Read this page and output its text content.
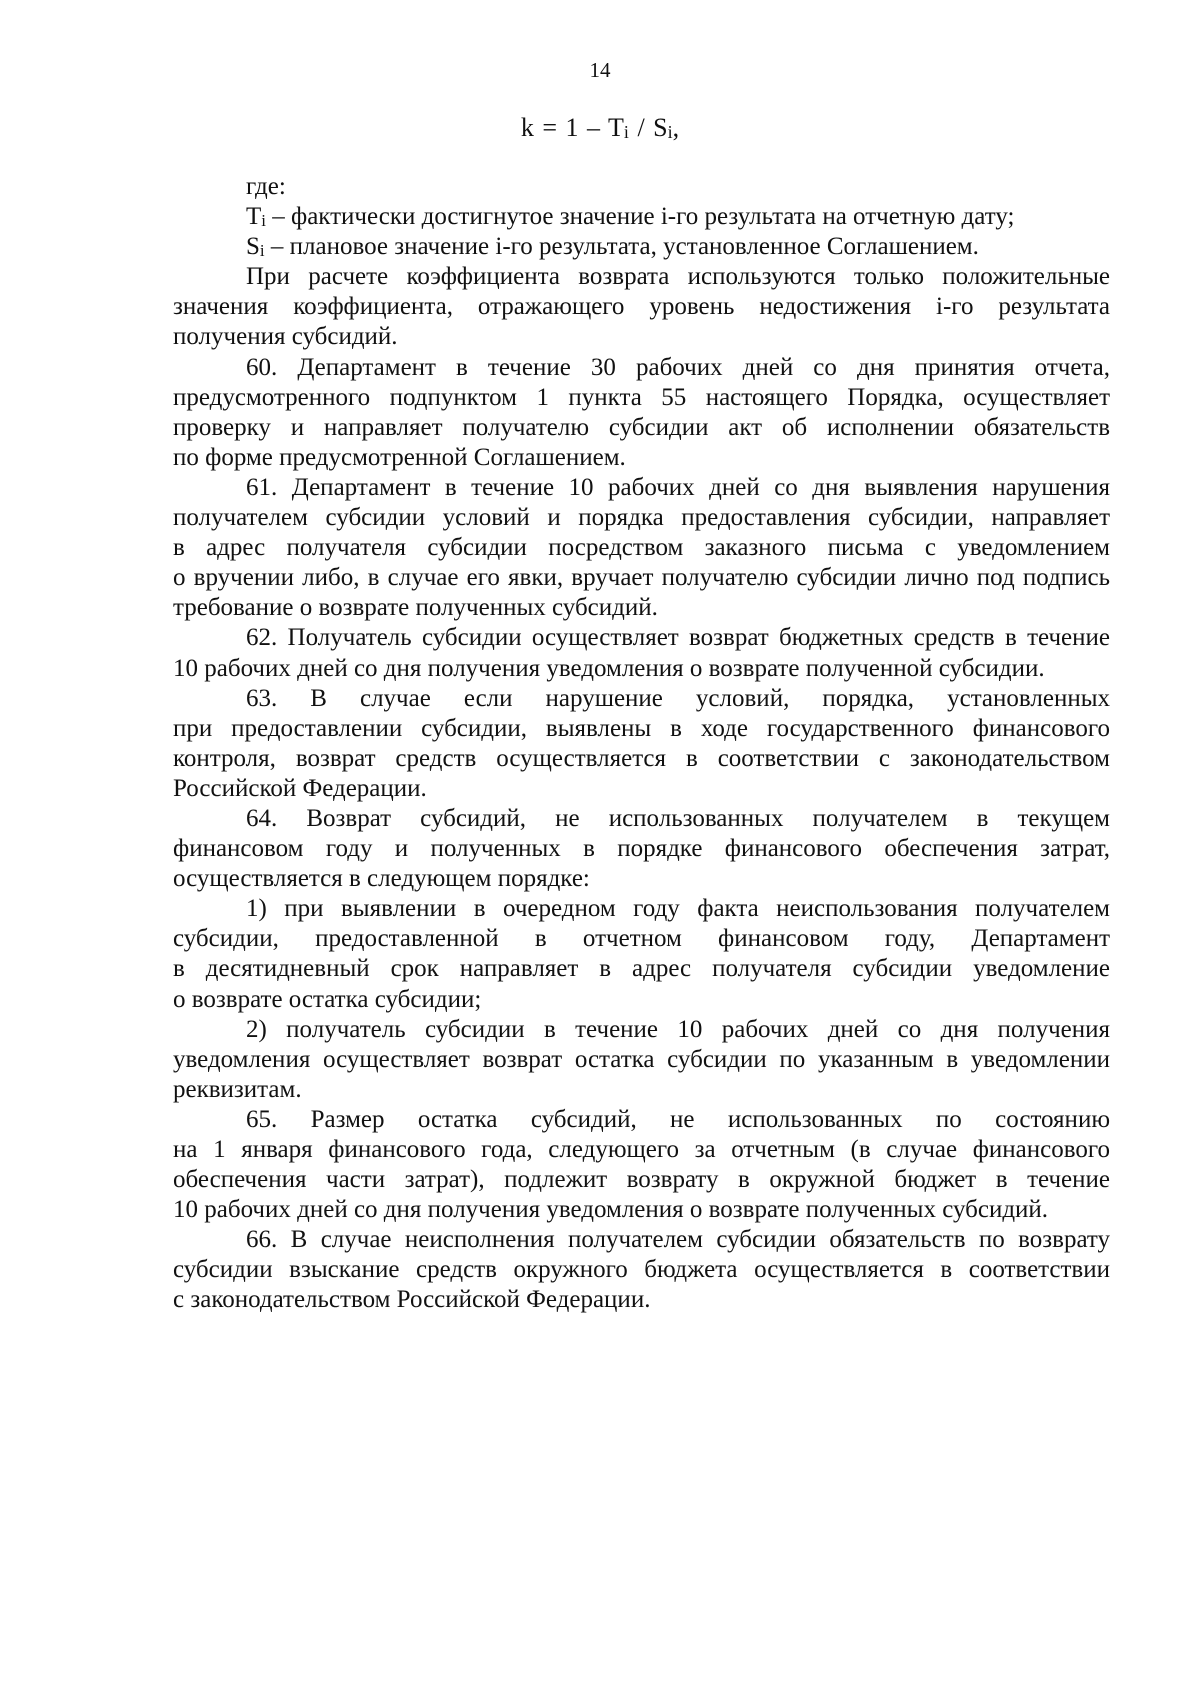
14
k = 1 – Ti / Si,
где:
Ti – фактически достигнутое значение i-го результата на отчетную дату;
Si – плановое значение i-го результата, установленное Соглашением.
При расчете коэффициента возврата используются только положительные
значения коэффициента, отражающего уровень недостижения i-го результата
получения субсидий.
60. Департамент в течение 30 рабочих дней со дня принятия отчета,
предусмотренного подпунктом 1 пункта 55 настоящего Порядка, осуществляет
проверку и направляет получателю субсидии акт об исполнении обязательств
по форме предусмотренной Соглашением.
61. Департамент в течение 10 рабочих дней со дня выявления нарушения
получателем субсидии условий и порядка предоставления субсидии, направляет
в адрес получателя субсидии посредством заказного письма с уведомлением
о вручении либо, в случае его явки, вручает получателю субсидии лично под подпись
требование о возврате полученных субсидий.
62. Получатель субсидии осуществляет возврат бюджетных средств в течение
10 рабочих дней со дня получения уведомления о возврате полученной субсидии.
63. В случае если нарушение условий, порядка, установленных
при предоставлении субсидии, выявлены в ходе государственного финансового
контроля, возврат средств осуществляется в соответствии с законодательством
Российской Федерации.
64. Возврат субсидий, не использованных получателем в текущем
финансовом году и полученных в порядке финансового обеспечения затрат,
осуществляется в следующем порядке:
1) при выявлении в очередном году факта неиспользования получателем
субсидии, предоставленной в отчетном финансовом году, Департамент
в десятидневный срок направляет в адрес получателя субсидии уведомление
о возврате остатка субсидии;
2) получатель субсидии в течение 10 рабочих дней со дня получения
уведомления осуществляет возврат остатка субсидии по указанным в уведомлении
реквизитам.
65. Размер остатка субсидий, не использованных по состоянию
на 1 января финансового года, следующего за отчетным (в случае финансового
обеспечения части затрат), подлежит возврату в окружной бюджет в течение
10 рабочих дней со дня получения уведомления о возврате полученных субсидий.
66. В случае неисполнения получателем субсидии обязательств по возврату
субсидии взыскание средств окружного бюджета осуществляется в соответствии
с законодательством Российской Федерации.
